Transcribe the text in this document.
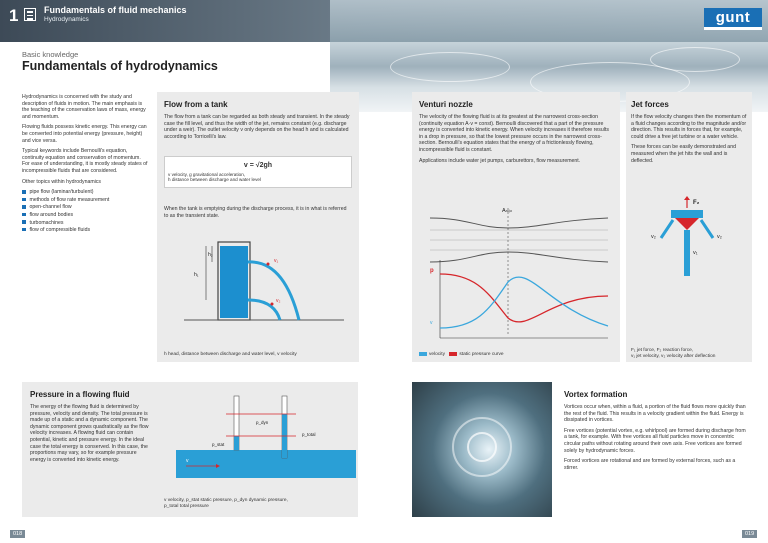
1	Fundamentals of fluid mechanics
Hydrodynamics	gunt
Basic knowledge
Fundamentals of hydrodynamics

Hydrodynamics is concerned with the study and description of fluids in motion. The main emphasis is the teaching of the conservation laws of mass, energy and momentum.

Flowing fluids possess kinetic energy. This energy can be converted into potential energy (pressure, height) and vice versa.

Typical keywords include Bernoulli's equation, continuity equation and conservation of momentum. For ease of understanding, it is mostly steady states of incompressible fluids that are considered.

Other topics within hydrodynamics

pipe flow (laminar/turbulent)
methods of flow rate measurement
open-channel flow
flow around bodies
turbomachines
flow of compressible fluids
Flow from a tank

The flow from a tank can be regarded as both steady and transient. In the steady case the fill level, and thus the width of the jet, remains constant (e.g. discharge under a weir). The outlet velocity v only depends on the head h and is calculated according to Torricelli's law.

v = √2gh
v velocity, g gravitational acceleration,
h distance between discharge and water level

When the tank is emptying during the discharge process, it is in what is referred to as the transient state.

h₁
h₂
v₁
v₂
h head, distance between discharge and water level, v velocity
Venturi nozzle

The velocity of the flowing fluid is at its greatest at the narrowest cross-section (continuity equation A·v = const). Bernoulli discovered that a part of the pressure energy is converted into kinetic energy. When velocity increases it therefore results in a drop in pressure, so that the lowest pressure occurs in the narrowest cross-section. Bernoulli's equation states that the energy of a frictionlessly flowing, incompressible fluid is constant.

Applications include water jet pumps, carburettors, flow measurement.

Aₘᵢₙ
p
v
velocity	static pressure curve
Jet forces

If the flow velocity changes then the momentum of a fluid changes according to the magnitude and/or direction. This results in forces that, for example, could drive a free jet turbine or a water vehicle.

These forces can be easily demonstrated and measured when the jet hits the wall and is deflected.

F₂
v₂	v₂
v₁
F₁ jet force, F₂ reaction force,
v₁ jet velocity, v₂ velocity after deflection
Pressure in a flowing fluid

The energy of the flowing fluid is determined by pressure, velocity and density. The total pressure is made up of a static and a dynamic component. The dynamic component grows quadratically as the flow velocity increases. A flowing fluid can contain potential, kinetic and pressure energy. In the ideal case the total energy is conserved. In this case, the proportions may vary, so for example pressure energy is converted into kinetic energy.

p_dyn
p_stat
p_total
v
v velocity, p_stat static pressure, p_dyn dynamic pressure,
p_total total pressure
Vortex formation

Vortices occur when, within a fluid, a portion of the fluid flows more quickly than the rest of the fluid. This results in a velocity gradient within the fluid. Energy is dissipated in vortices.

Free vortices (potential vortex, e.g. whirlpool) are formed during discharge from a tank, for example. With free vortices all fluid particles move in concentric circular paths without rotating around their own axis. Free vortices are formed solely by hydrodynamic forces.

Forced vortices are rotational and are formed by external forces, such as a stirrer.

018	019
